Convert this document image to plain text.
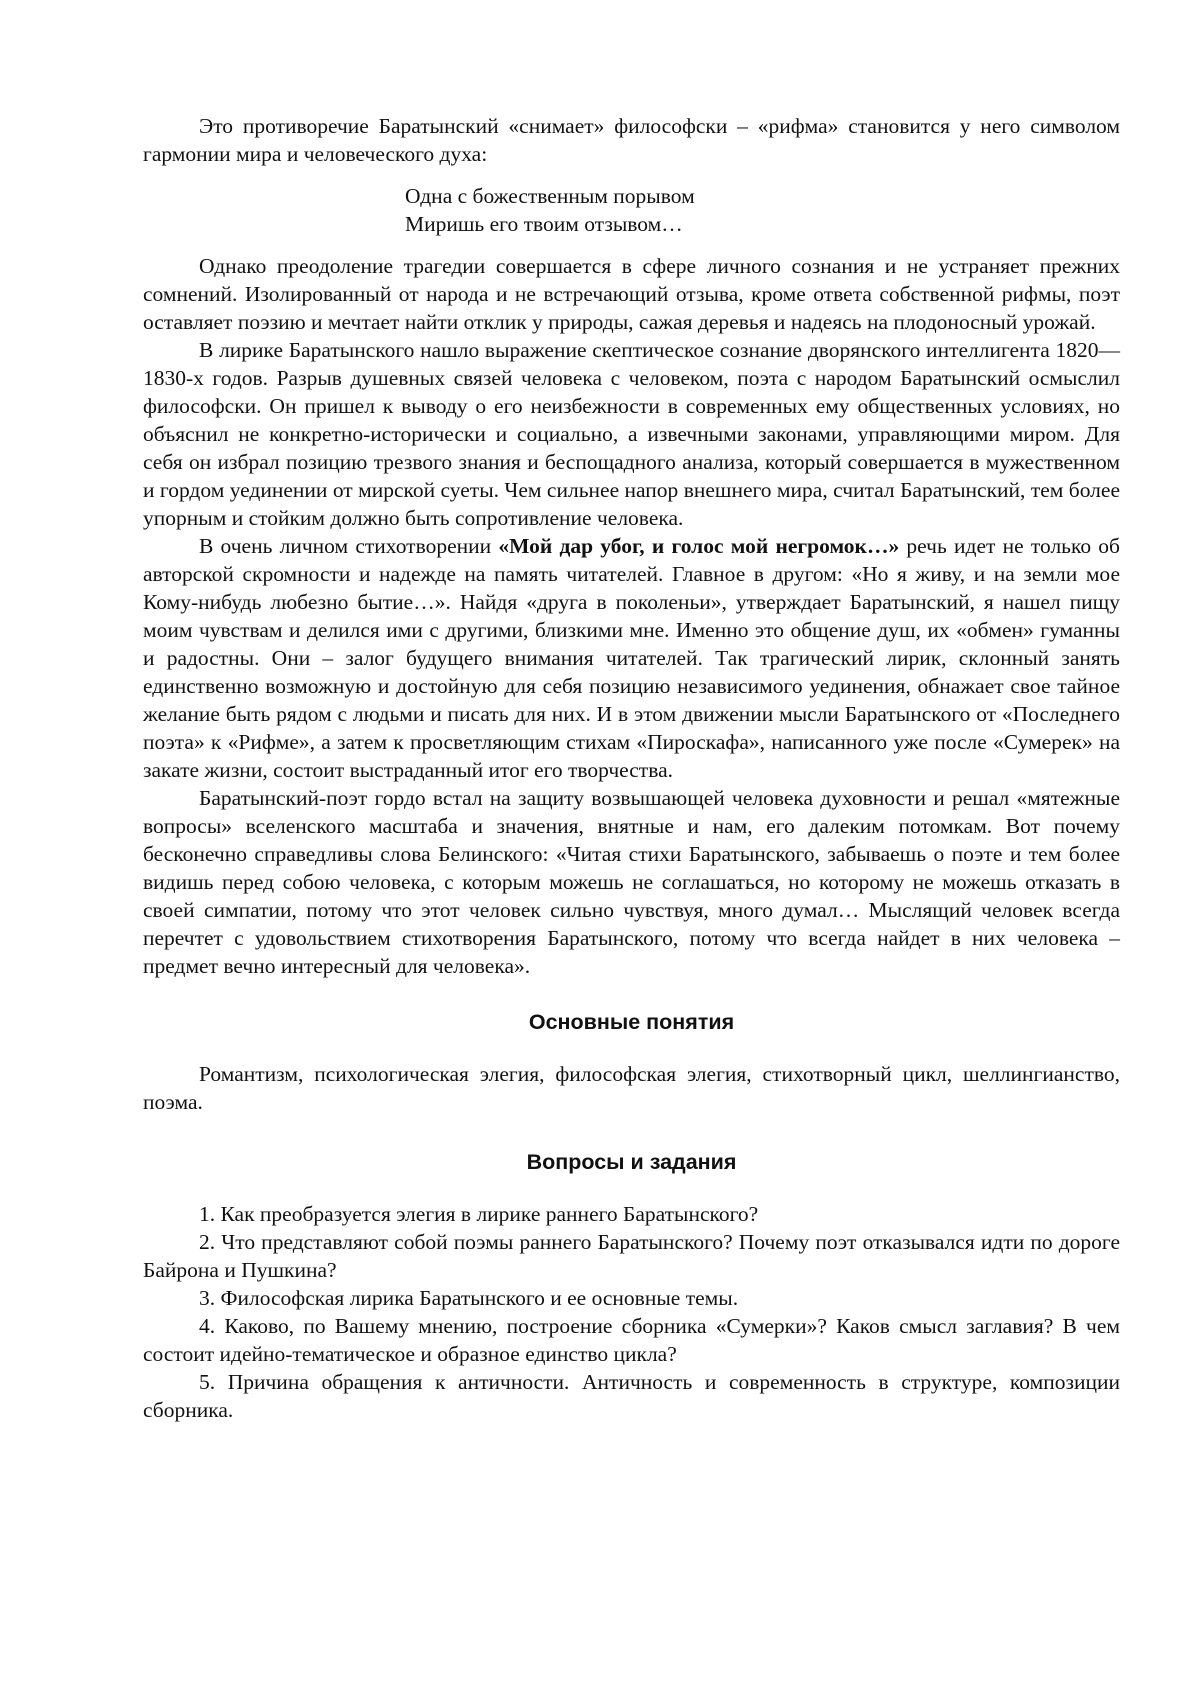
Это противоречие Баратынский «снимает» философски – «рифма» становится у него символом гармонии мира и человеческого духа:

Одна с божественным порывом
Миришь его твоим отзывом…

Однако преодоление трагедии совершается в сфере личного сознания и не устраняет прежних сомнений. Изолированный от народа и не встречающий отзыва, кроме ответа собственной рифмы, поэт оставляет поэзию и мечтает найти отклик у природы, сажая деревья и надеясь на плодоносный урожай.

В лирике Баратынского нашло выражение скептическое сознание дворянского интеллигента 1820—1830-х годов. Разрыв душевных связей человека с человеком, поэта с народом Баратынский осмыслил философски. Он пришел к выводу о его неизбежности в современных ему общественных условиях, но объяснил не конкретно-исторически и социально, а извечными законами, управляющими миром. Для себя он избрал позицию трезвого знания и беспощадного анализа, который совершается в мужественном и гордом уединении от мирской суеты. Чем сильнее напор внешнего мира, считал Баратынский, тем более упорным и стойким должно быть сопротивление человека.

В очень личном стихотворении «Мой дар убог, и голос мой негромок…» речь идет не только об авторской скромности и надежде на память читателей. Главное в другом: «Но я живу, и на земли мое Кому-нибудь любезно бытие…». Найдя «друга в поколеньи», утверждает Баратынский, я нашел пищу моим чувствам и делился ими с другими, близкими мне. Именно это общение душ, их «обмен» гуманны и радостны. Они – залог будущего внимания читателей. Так трагический лирик, склонный занять единственно возможную и достойную для себя позицию независимого уединения, обнажает свое тайное желание быть рядом с людьми и писать для них. И в этом движении мысли Баратынского от «Последнего поэта» к «Рифме», а затем к просветляющим стихам «Пироскафа», написанного уже после «Сумерек» на закате жизни, состоит выстраданный итог его творчества.

Баратынский-поэт гордо встал на защиту возвышающей человека духовности и решал «мятежные вопросы» вселенского масштаба и значения, внятные и нам, его далеким потомкам. Вот почему бесконечно справедливы слова Белинского: «Читая стихи Баратынского, забываешь о поэте и тем более видишь перед собою человека, с которым можешь не соглашаться, но которому не можешь отказать в своей симпатии, потому что этот человек сильно чувствуя, много думал… Мыслящий человек всегда перечтет с удовольствием стихотворения Баратынского, потому что всегда найдет в них человека – предмет вечно интересный для человека».

Основные понятия

Романтизм, психологическая элегия, философская элегия, стихотворный цикл, шеллингианство, поэма.

Вопросы и задания

1. Как преобразуется элегия в лирике раннего Баратынского?

2. Что представляют собой поэмы раннего Баратынского? Почему поэт отказывался идти по дороге Байрона и Пушкина?

3. Философская лирика Баратынского и ее основные темы.

4. Каково, по Вашему мнению, построение сборника «Сумерки»? Каков смысл заглавия? В чем состоит идейно-тематическое и образное единство цикла?

5. Причина обращения к античности. Античность и современность в структуре, композиции сборника.
